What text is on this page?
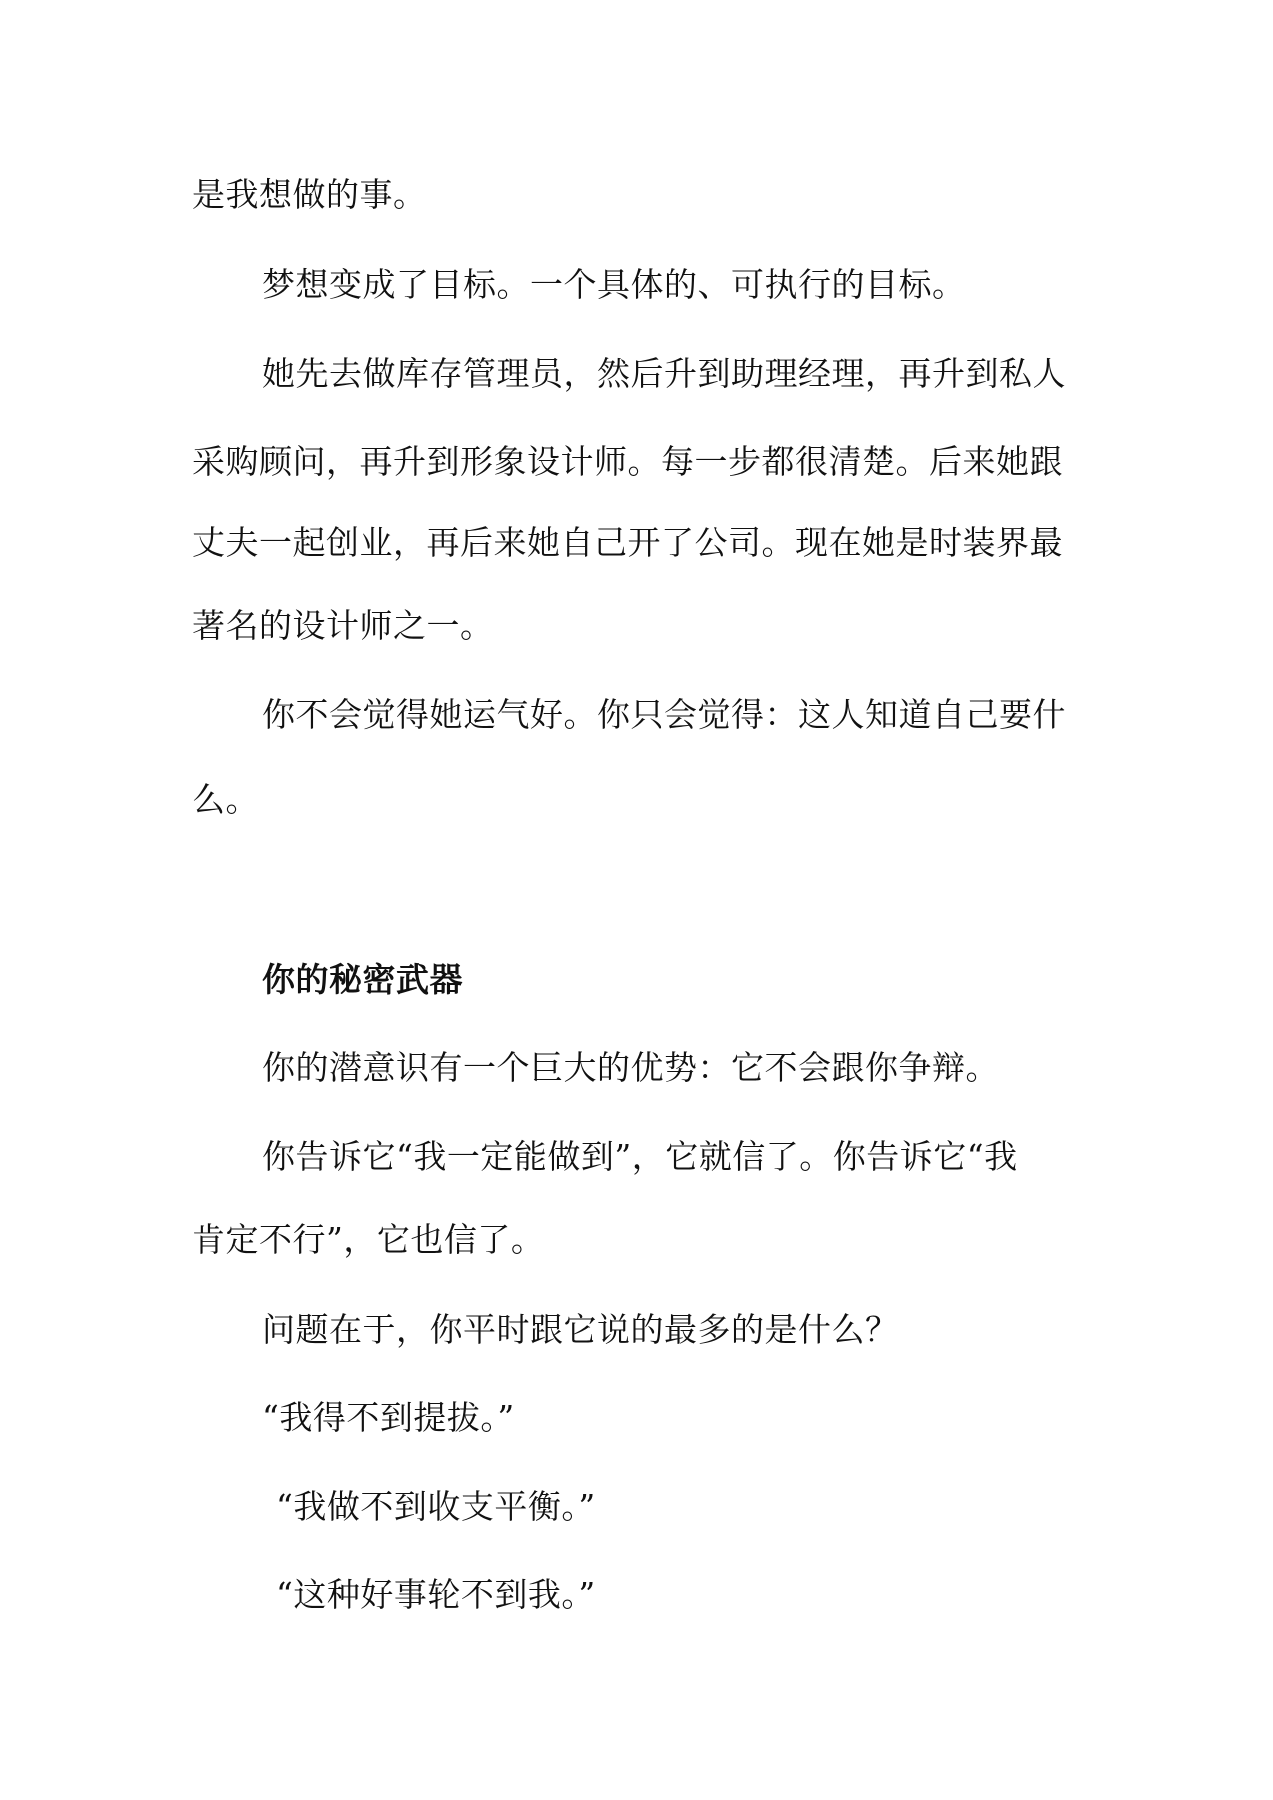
是我想做的事。
梦想变成了目标。一个具体的、可执行的目标。
她先去做库存管理员，然后升到助理经理，再升到私人
采购顾问，再升到形象设计师。每一步都很清楚。后来她跟
丈夫一起创业，再后来她自己开了公司。现在她是时装界最
著名的设计师之一。
你不会觉得她运气好。你只会觉得：这人知道自己要什
么。
你的秘密武器
你的潜意识有一个巨大的优势：它不会跟你争辩。
你告诉它“我一定能做到”，它就信了。你告诉它“我
肯定不行”，它也信了。
问题在于，你平时跟它说的最多的是什么？
“我得不到提拔。”
“我做不到收支平衡。”
“这种好事轮不到我。”
